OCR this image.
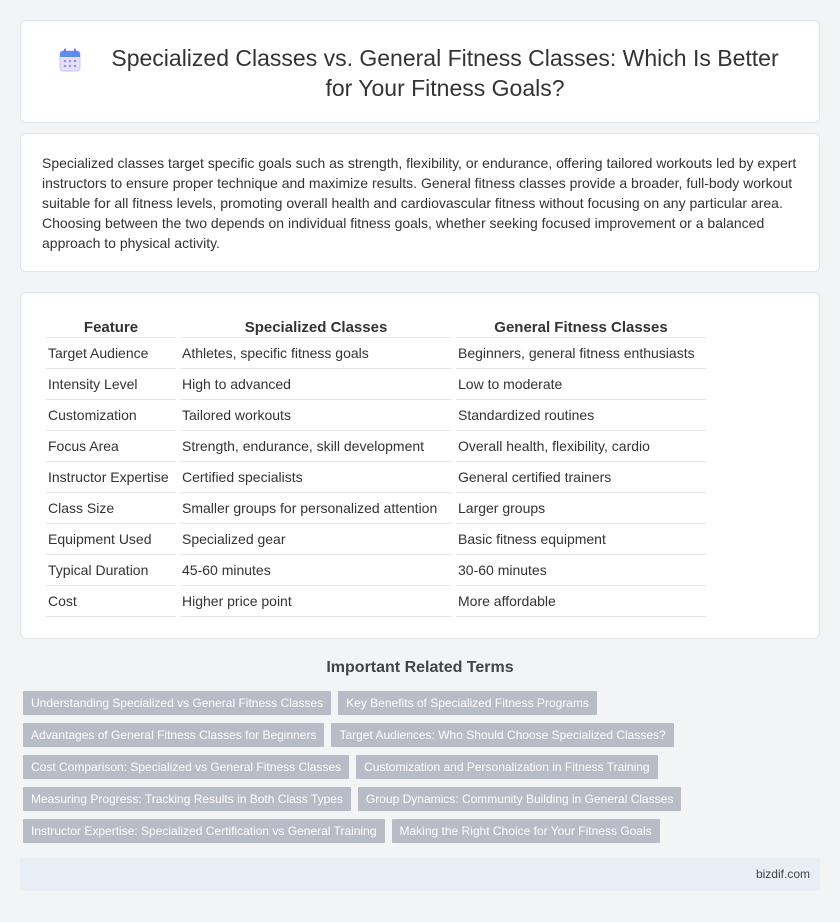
Specialized Classes vs. General Fitness Classes: Which Is Better for Your Fitness Goals?

Specialized classes target specific goals such as strength, flexibility, or endurance, offering tailored workouts led by expert instructors to ensure proper technique and maximize results. General fitness classes provide a broader, full-body workout suitable for all fitness levels, promoting overall health and cardiovascular fitness without focusing on any particular area. Choosing between the two depends on individual fitness goals, whether seeking focused improvement or a balanced approach to physical activity.

Feature	Specialized Classes	General Fitness Classes
Target Audience	Athletes, specific fitness goals	Beginners, general fitness enthusiasts
Intensity Level	High to advanced	Low to moderate
Customization	Tailored workouts	Standardized routines
Focus Area	Strength, endurance, skill development	Overall health, flexibility, cardio
Instructor Expertise	Certified specialists	General certified trainers
Class Size	Smaller groups for personalized attention	Larger groups
Equipment Used	Specialized gear	Basic fitness equipment
Typical Duration	45-60 minutes	30-60 minutes
Cost	Higher price point	More affordable
Important Related Terms
Understanding Specialized vs General Fitness Classes	Key Benefits of Specialized Fitness Programs
Advantages of General Fitness Classes for Beginners	Target Audiences: Who Should Choose Specialized Classes?
Cost Comparison: Specialized vs General Fitness Classes	Customization and Personalization in Fitness Training
Measuring Progress: Tracking Results in Both Class Types	Group Dynamics: Community Building in General Classes
Instructor Expertise: Specialized Certification vs General Training	Making the Right Choice for Your Fitness Goals
bizdif.com
